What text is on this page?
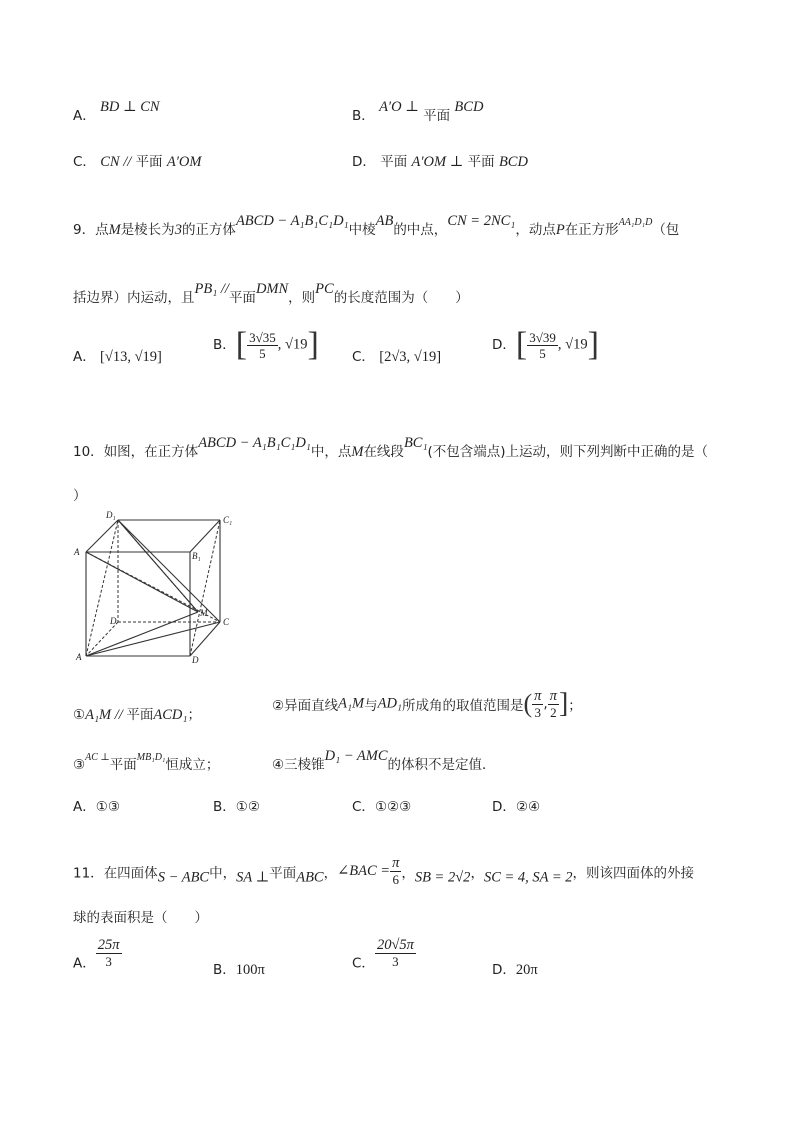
A． BD ⊥ CN
B． A′O ⊥ 平面 BCD
C． CN // 平面 A′OM	D． 平面 A′OM ⊥ 平面 BCD
9．点M是棱长为3的正方体ABCD − A₁B₁C₁D₁中棱AB的中点，CN = 2NC₁，动点P在正方形$^{AA_1D_1D}$（包
括边界）内运动，且PB₁ //平面DMN，则PC的长度范围为（　　）
A． [√13, √19]
B．[ $\frac{3√35}{5}$ , √19] C． [2√3, √19]
D．[ $\frac{3√39}{5}$ , √19]
10．如图，在正方体ABCD − A₁B₁C₁D₁中，点M在线段BC₁(不包含端点)上运动，则下列判断中正确的是（
）
D₁	C₁
A	B₁
M
D	C
A	D
①A₁M // 平面ACD₁；
②异面直线A₁M与AD₁所成角的取值范围是( $\frac{\pi}{3}$ , $\frac{\pi}{2}$ ]；
③$^{AC \perp}$平面$^{MB_1D_1}$恒成立；	④三棱锥D₁ − AMC的体积不是定值．
A．①③	B．①②	C．①②③	D．②④
11．在四面体S − ABC中，SA ⊥平面ABC，∠BAC = $\frac{\pi}{6}$ ，SB = 2√2，SC = 4, SA = 2，则该四面体的外接
球的表面积是（　　）
A． $\frac{25\pi}{3}$
B．100π	C． $\frac{20√5\pi}{3}$
D．20π
